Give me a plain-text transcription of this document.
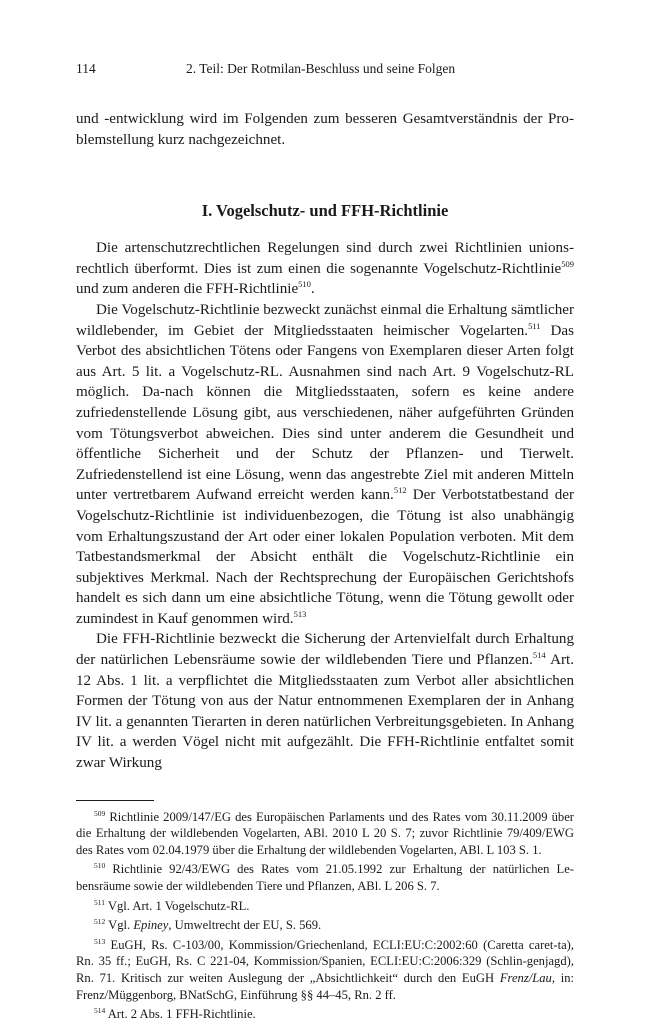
114	2. Teil: Der Rotmilan-Beschluss und seine Folgen

und -entwicklung wird im Folgenden zum besseren Gesamtverständnis der Pro-blemstellung kurz nachgezeichnet.

I. Vogelschutz- und FFH-Richtlinie

Die artenschutzrechtlichen Regelungen sind durch zwei Richtlinien unions-rechtlich überformt. Dies ist zum einen die sogenannte Vogelschutz-Richtlinie$^{509}$ und zum anderen die FFH-Richtlinie$^{510}$.

Die Vogelschutz-Richtlinie bezweckt zunächst einmal die Erhaltung sämtlicher wildlebender, im Gebiet der Mitgliedsstaaten heimischer Vogelarten.$^{511}$ Das Verbot des absichtlichen Tötens oder Fangens von Exemplaren dieser Arten folgt aus Art. 5 lit. a Vogelschutz-RL. Ausnahmen sind nach Art. 9 Vogelschutz-RL möglich. Da-nach können die Mitgliedsstaaten, sofern es keine andere zufriedenstellende Lösung gibt, aus verschiedenen, näher aufgeführten Gründen vom Tötungsverbot abweichen. Dies sind unter anderem die Gesundheit und öffentliche Sicherheit und der Schutz der Pflanzen- und Tierwelt. Zufriedenstellend ist eine Lösung, wenn das angestrebte Ziel mit anderen Mitteln unter vertretbarem Aufwand erreicht werden kann.$^{512}$ Der Verbotstatbestand der Vogelschutz-Richtlinie ist individuenbezogen, die Tötung ist also unabhängig vom Erhaltungszustand der Art oder einer lokalen Population verboten. Mit dem Tatbestandsmerkmal der Absicht enthält die Vogelschutz-Richtlinie ein subjektives Merkmal. Nach der Rechtsprechung der Europäischen Gerichtshofs handelt es sich dann um eine absichtliche Tötung, wenn die Tötung gewollt oder zumindest in Kauf genommen wird.$^{513}$

Die FFH-Richtlinie bezweckt die Sicherung der Artenvielfalt durch Erhaltung der natürlichen Lebensräume sowie der wildlebenden Tiere und Pflanzen.$^{514}$ Art. 12 Abs. 1 lit. a verpflichtet die Mitgliedsstaaten zum Verbot aller absichtlichen Formen der Tötung von aus der Natur entnommenen Exemplaren der in Anhang IV lit. a genannten Tierarten in deren natürlichen Verbreitungsgebieten. In Anhang IV lit. a werden Vögel nicht mit aufgezählt. Die FFH-Richtlinie entfaltet somit zwar Wirkung

$^{509}$ Richtlinie 2009/147/EG des Europäischen Parlaments und des Rates vom 30.11.2009 über die Erhaltung der wildlebenden Vogelarten, ABl. 2010 L 20 S. 7; zuvor Richtlinie 79/409/EWG des Rates vom 02.04.1979 über die Erhaltung der wildlebenden Vogelarten, ABl. L 103 S. 1.

$^{510}$ Richtlinie 92/43/EWG des Rates vom 21.05.1992 zur Erhaltung der natürlichen Le-bensräume sowie der wildlebenden Tiere und Pflanzen, ABl. L 206 S. 7.

$^{511}$ Vgl. Art. 1 Vogelschutz-RL.

$^{512}$ Vgl. Epiney, Umweltrecht der EU, S. 569.

$^{513}$ EuGH, Rs. C-103/00, Kommission/Griechenland, ECLI:EU:C:2002:60 (Caretta caret-ta), Rn. 35 ff.; EuGH, Rs. C 221-04, Kommission/Spanien, ECLI:EU:C:2006:329 (Schlin-genjagd), Rn. 71. Kritisch zur weiten Auslegung der „Absichtlichkeit“ durch den EuGH Frenz/Lau, in: Frenz/Müggenborg, BNatSchG, Einführung §§ 44–45, Rn. 2 ff.

$^{514}$ Art. 2 Abs. 1 FFH-Richtlinie.
